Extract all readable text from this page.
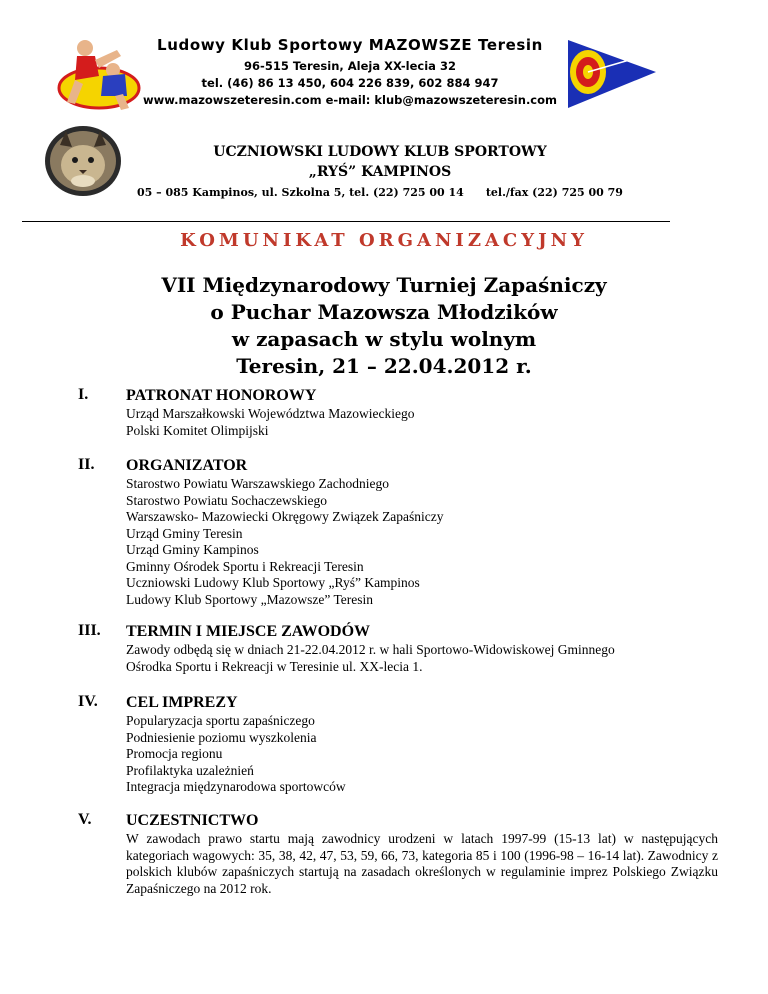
Ludowy Klub Sportowy MAZOWSZE Teresin
96-515 Teresin, Aleja XX-lecia 32
tel. (46) 86 13 450, 604 226 839, 602 884 947
www.mazowszeteresin.com e-mail: klub@mazowszeteresin.com
UCZNIOWSKI LUDOWY KLUB SPORTOWY
„RYŚ” KAMPINOS
05 – 085 Kampinos, ul. Szkolna 5, tel. (22) 725 00 14 tel./fax (22) 725 00 79
KOMUNIKAT ORGANIZACYJNY
VII Międzynarodowy Turniej Zapaśniczy
o Puchar Mazowsza Młodzików
w zapasach w stylu wolnym
Teresin, 21 – 22.04.2012 r.
I. PATRONAT HONOROWY
Urząd Marszałkowski Województwa Mazowieckiego
Polski Komitet Olimpijski
II. ORGANIZATOR
Starostwo Powiatu Warszawskiego Zachodniego
Starostwo Powiatu Sochaczewskiego
Warszawsko- Mazowiecki Okręgowy Związek Zapaśniczy
Urząd Gminy Teresin
Urząd Gminy Kampinos
Gminny Ośrodek Sportu i Rekreacji Teresin
Uczniowski Ludowy Klub Sportowy „Ryś” Kampinos
Ludowy Klub Sportowy „Mazowsze” Teresin
III. TERMIN I MIEJSCE ZAWODÓW
Zawody odbędą się w dniach 21-22.04.2012 r. w hali Sportowo-Widowiskowej Gminnego
Ośrodka Sportu i Rekreacji w Teresinie ul. XX-lecia 1.
IV. CEL IMPREZY
Popularyzacja sportu zapaśniczego
Podniesienie poziomu wyszkolenia
Promocja regionu
Profilaktyka uzależnień
Integracja międzynarodowa sportowców
V. UCZESTNICTWO
W zawodach prawo startu mają zawodnicy urodzeni w latach 1997-99 (15-13 lat) w następujących kategoriach wagowych: 35, 38, 42, 47, 53, 59, 66, 73, kategoria 85 i 100 (1996-98 – 16-14 lat). Zawodnicy z polskich klubów zapaśniczych startują na zasadach określonych w regulaminie imprez Polskiego Związku Zapaśniczego na 2012 rok.
